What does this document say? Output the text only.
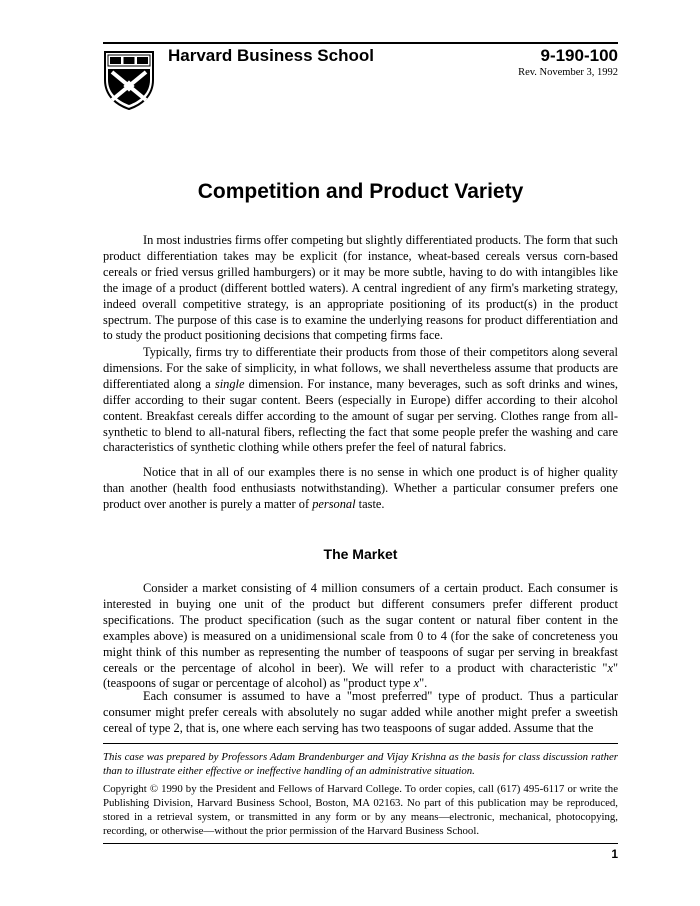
Harvard Business School	9-190-100
Rev. November 3, 1992
Competition and Product Variety

In most industries firms offer competing but slightly differentiated products. The form that such product differentiation takes may be explicit (for instance, wheat-based cereals versus corn-based cereals or fried versus grilled hamburgers) or it may be more subtle, having to do with intangibles like the image of a product (different bottled waters). A central ingredient of any firm's marketing strategy, indeed overall competitive strategy, is an appropriate positioning of its product(s) in the product spectrum. The purpose of this case is to examine the underlying reasons for product differentiation and to study the product positioning decisions that competing firms face.

Typically, firms try to differentiate their products from those of their competitors along several dimensions. For the sake of simplicity, in what follows, we shall nevertheless assume that products are differentiated along a single dimension. For instance, many beverages, such as soft drinks and wines, differ according to their sugar content. Beers (especially in Europe) differ according to their alcohol content. Breakfast cereals differ according to the amount of sugar per serving. Clothes range from all-synthetic to blend to all-natural fibers, reflecting the fact that some people prefer the washing and care characteristics of synthetic clothing while others prefer the feel of natural fabrics.

Notice that in all of our examples there is no sense in which one product is of higher quality than another (health food enthusiasts notwithstanding). Whether a particular consumer prefers one product over another is purely a matter of personal taste.

The Market

Consider a market consisting of 4 million consumers of a certain product. Each consumer is interested in buying one unit of the product but different consumers prefer different product specifications. The product specification (such as the sugar content or natural fiber content in the examples above) is measured on a unidimensional scale from 0 to 4 (for the sake of concreteness you might think of this number as representing the number of teaspoons of sugar per serving in breakfast cereals or the percentage of alcohol in beer). We will refer to a product with characteristic "x" (teaspoons of sugar or percentage of alcohol) as "product type x".

Each consumer is assumed to have a "most preferred" type of product. Thus a particular consumer might prefer cereals with absolutely no sugar added while another might prefer a sweetish cereal of type 2, that is, one where each serving has two teaspoons of sugar added. Assume that the

This case was prepared by Professors Adam Brandenburger and Vijay Krishna as the basis for class discussion rather than to illustrate either effective or ineffective handling of an administrative situation.

Copyright © 1990 by the President and Fellows of Harvard College. To order copies, call (617) 495-6117 or write the Publishing Division, Harvard Business School, Boston, MA 02163. No part of this publication may be reproduced, stored in a retrieval system, or transmitted in any form or by any means—electronic, mechanical, photocopying, recording, or otherwise—without the prior permission of the Harvard Business School.

1
